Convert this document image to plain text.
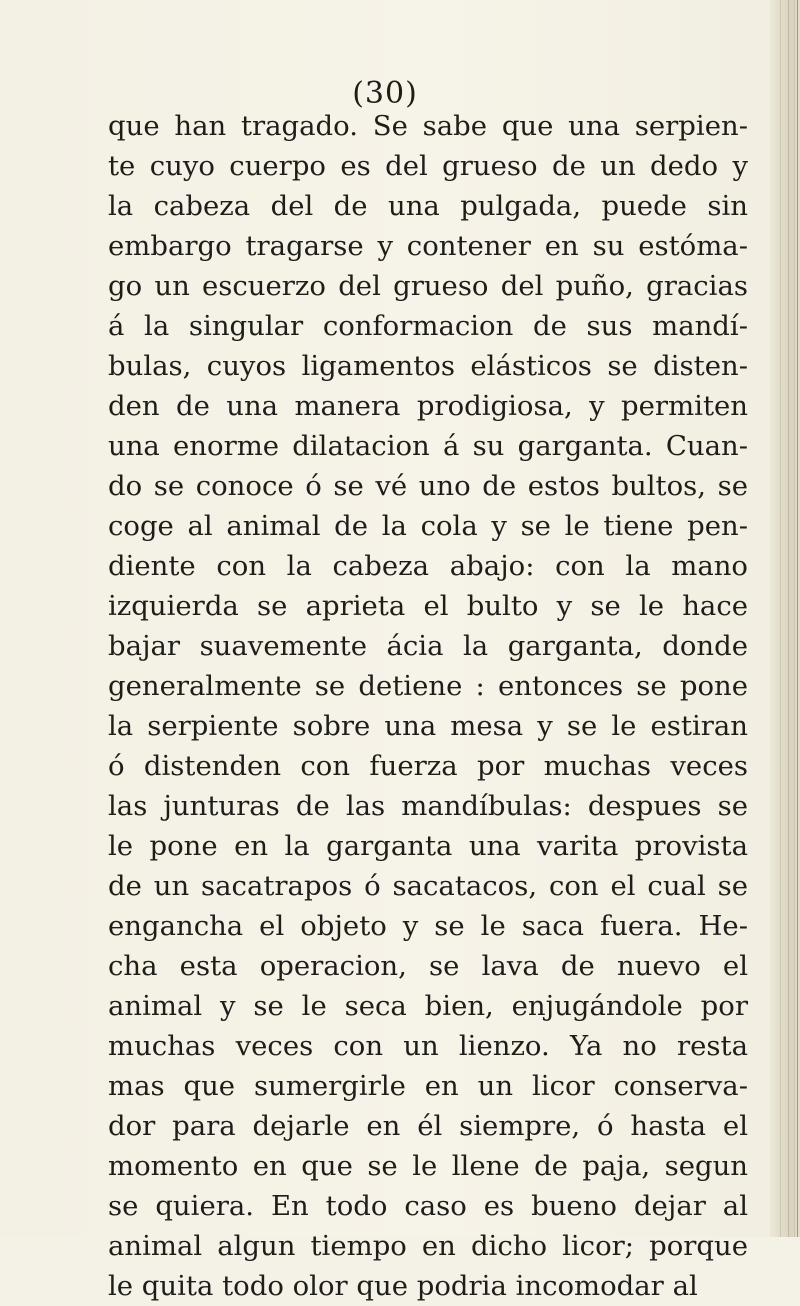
(30)
que han tragado. Se sabe que una serpien-
te cuyo cuerpo es del grueso de un dedo y
la cabeza del de una pulgada, puede sin
embargo tragarse y contener en su estóma-
go un escuerzo del grueso del puño, gracias
á la singular conformacion de sus mandí-
bulas, cuyos ligamentos elásticos se disten-
den de una manera prodigiosa, y permiten
una enorme dilatacion á su garganta. Cuan-
do se conoce ó se vé uno de estos bultos, se
coge al animal de la cola y se le tiene pen-
diente con la cabeza abajo: con la mano
izquierda se aprieta el bulto y se le hace
bajar suavemente ácia la garganta, donde
generalmente se detiene : entonces se pone
la serpiente sobre una mesa y se le estiran
ó distenden con fuerza por muchas veces
las junturas de las mandíbulas: despues se
le pone en la garganta una varita provista
de un sacatrapos ó sacatacos, con el cual se
engancha el objeto y se le saca fuera. He-
cha esta operacion, se lava de nuevo el
animal y se le seca bien, enjugándole por
muchas veces con un lienzo. Ya no resta
mas que sumergirle en un licor conserva-
dor para dejarle en él siempre, ó hasta el
momento en que se le llene de paja, segun
se quiera. En todo caso es bueno dejar al
animal algun tiempo en dicho licor; porque
le quita todo olor que podria incomodar al
